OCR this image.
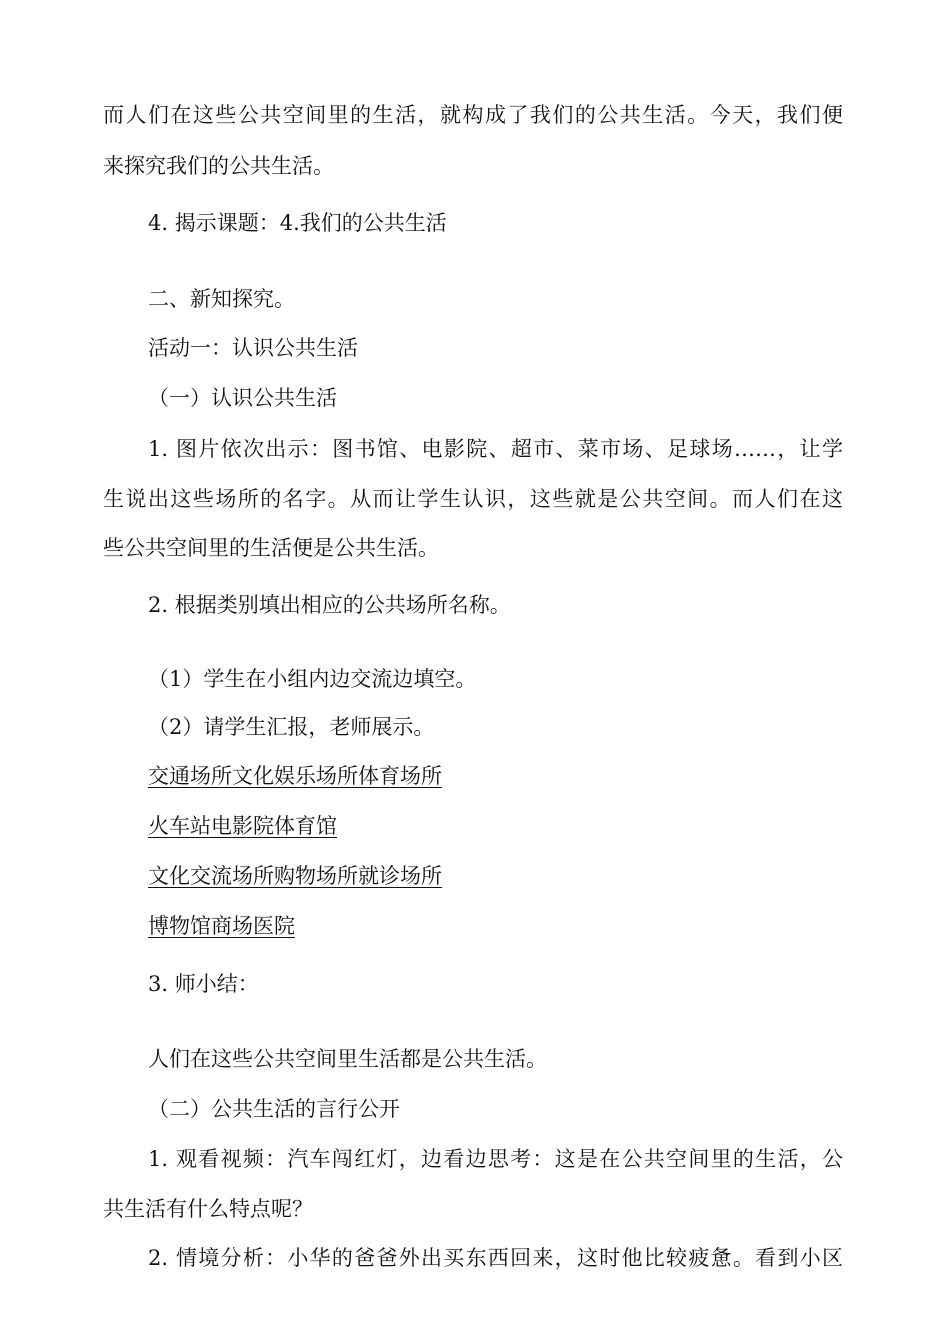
而人们在这些公共空间里的生活，就构成了我们的公共生活。今天，我们便
来探究我们的公共生活。
4. 揭示课题：4.我们的公共生活
二、新知探究。
活动一：认识公共生活
（一）认识公共生活
1. 图片依次出示：图书馆、电影院、超市、菜市场、足球场……，让学
生说出这些场所的名字。从而让学生认识，这些就是公共空间。而人们在这
些公共空间里的生活便是公共生活。
2. 根据类别填出相应的公共场所名称。
（1）学生在小组内边交流边填空。
（2）请学生汇报，老师展示。
交通场所文化娱乐场所体育场所
火车站电影院体育馆
文化交流场所购物场所就诊场所
博物馆商场医院
3. 师小结：
人们在这些公共空间里生活都是公共生活。
（二）公共生活的言行公开
1. 观看视频：汽车闯红灯，边看边思考：这是在公共空间里的生活，公
共生活有什么特点呢？
2. 情境分析：小华的爸爸外出买东西回来，这时他比较疲惫。看到小区
